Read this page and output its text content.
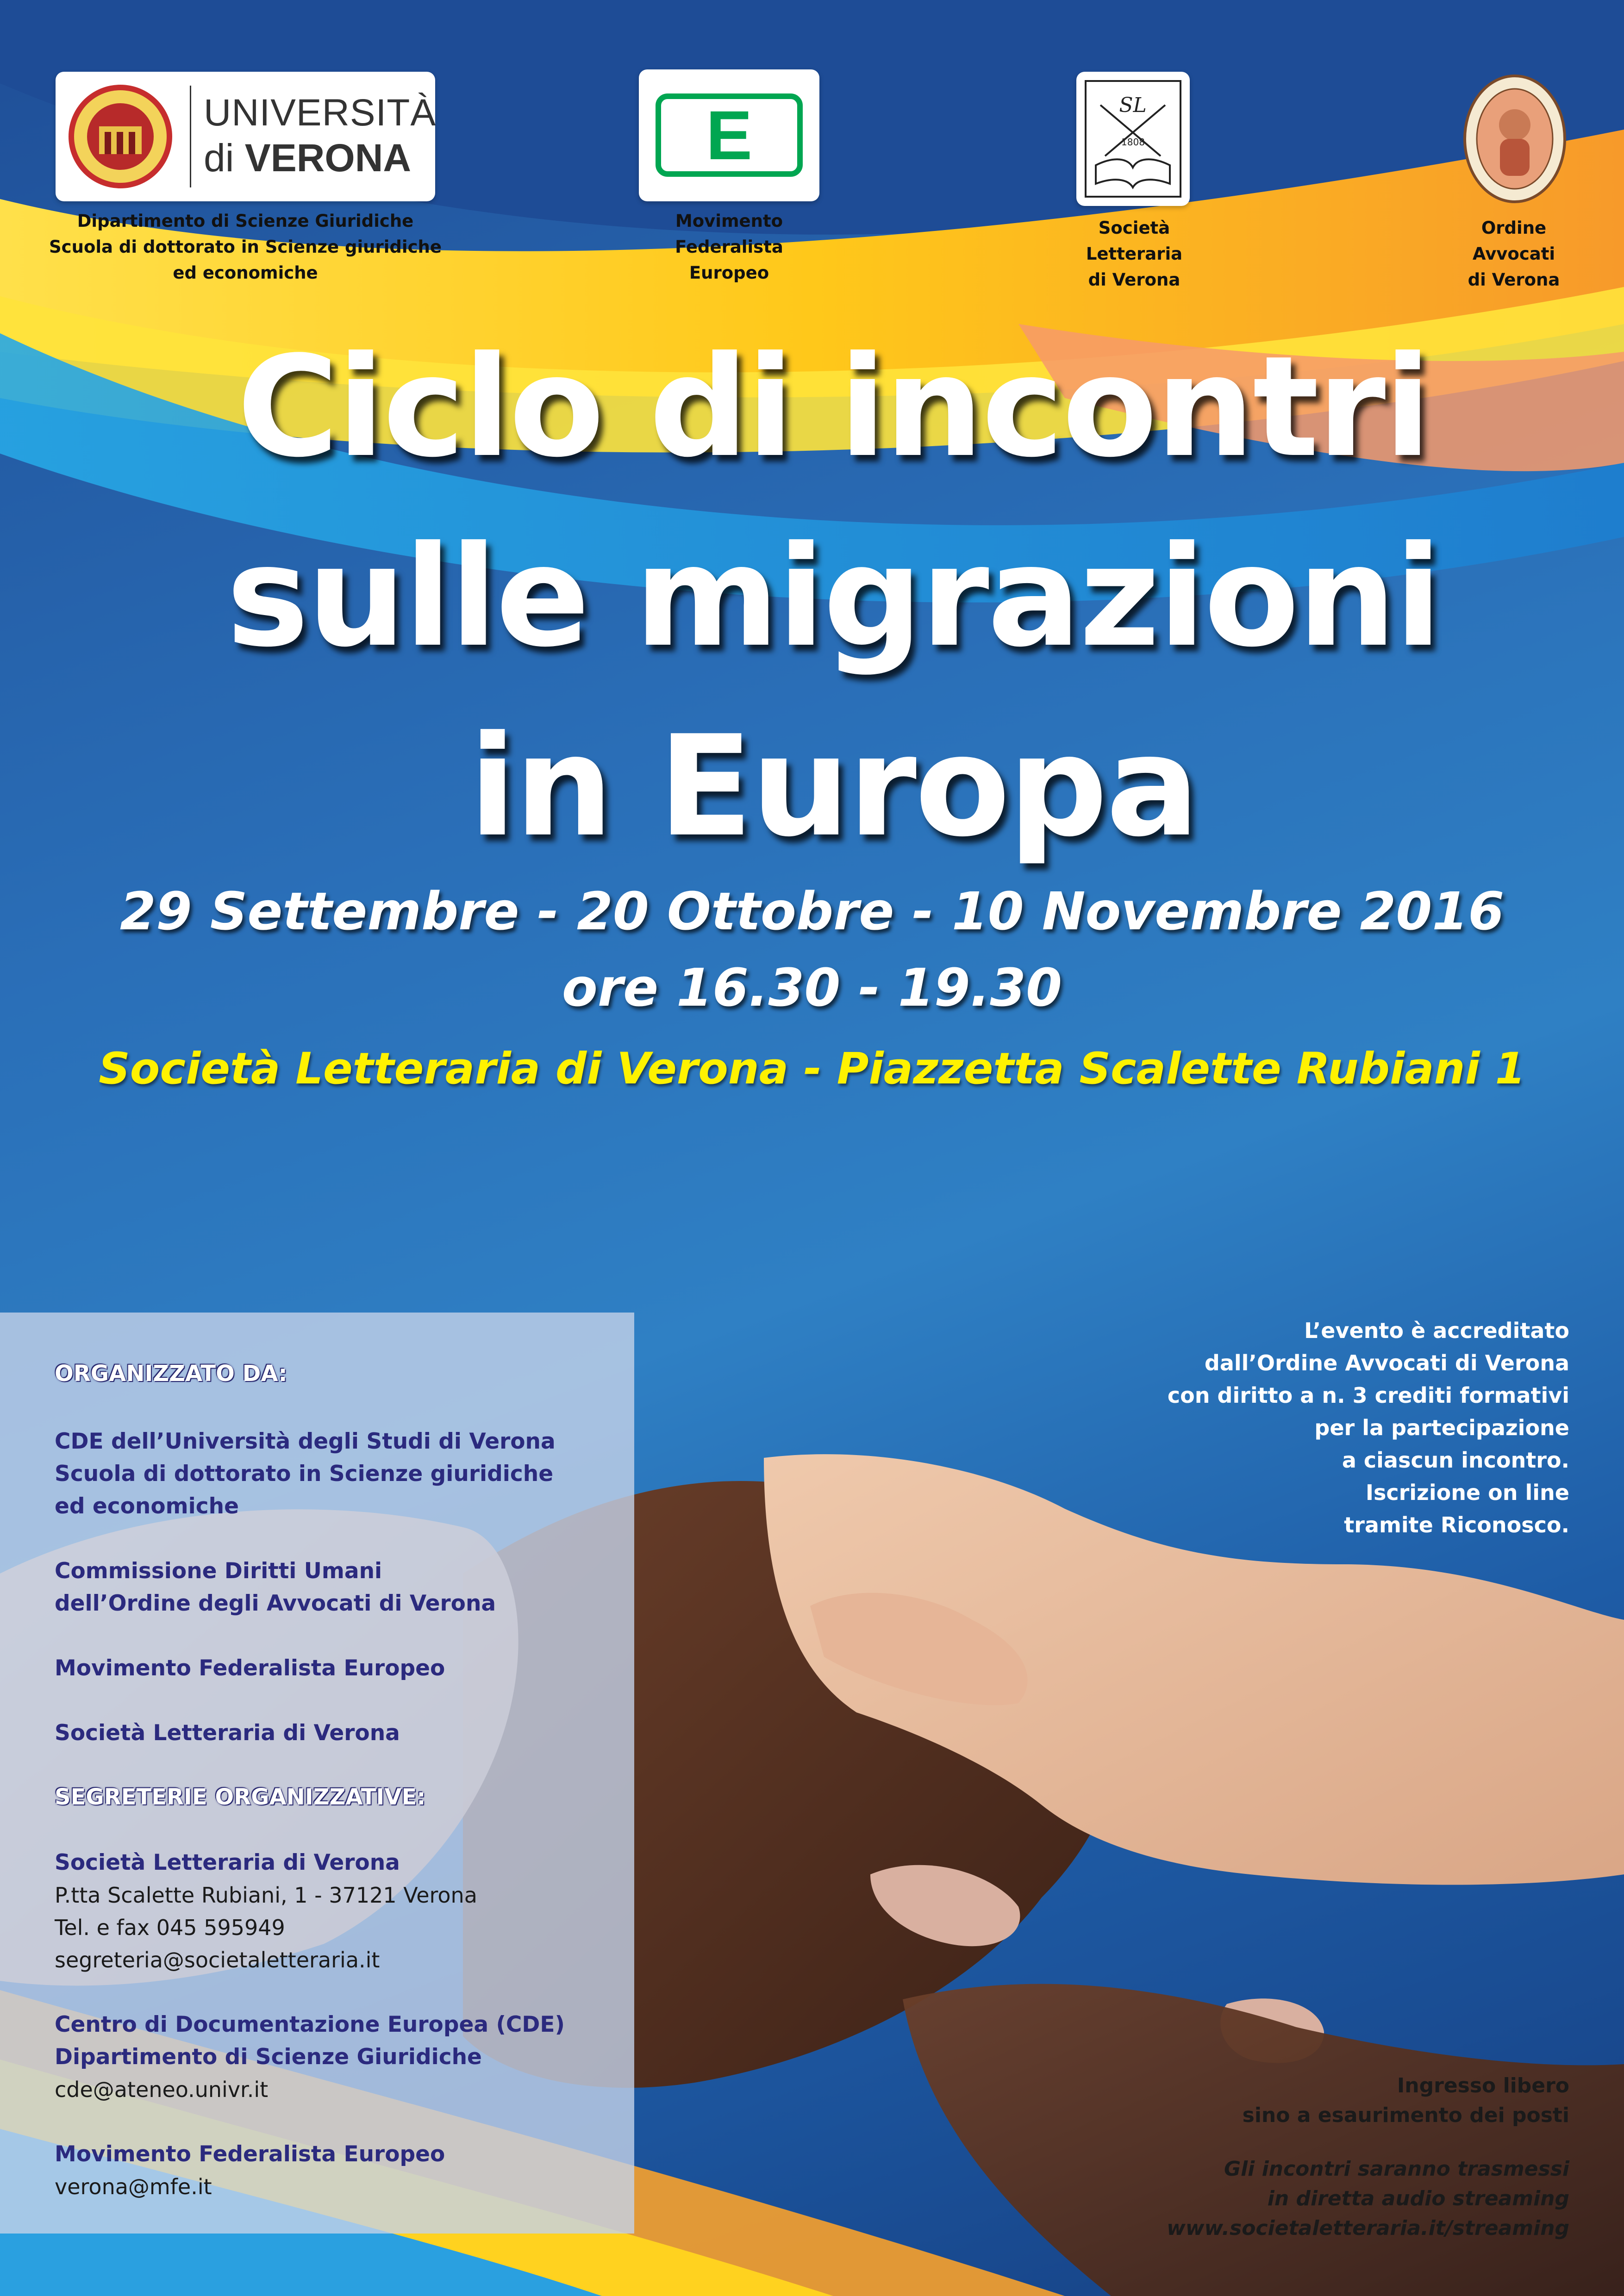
UNIVERSITÀ
di VERONA
Dipartimento di Scienze Giuridiche
Scuola di dottorato in Scienze giuridiche
ed economiche
E
Movimento
Federalista
Europeo
SL
1808
Società
Letteraria
di Verona
Ordine
Avvocati
di Verona
Ciclo di incontri
sulle migrazioni
in Europa
29 Settembre - 20 Ottobre - 10 Novembre 2016
ore 16.30 - 19.30
Società Letteraria di Verona - Piazzetta Scalette Rubiani 1
ORGANIZZATO DA:
CDE dell’Università degli Studi di Verona
Scuola di dottorato in Scienze giuridiche
ed economiche
Commissione Diritti Umani
dell’Ordine degli Avvocati di Verona
Movimento Federalista Europeo
Società Letteraria di Verona
SEGRETERIE ORGANIZZATIVE:
Società Letteraria di Verona
P.tta Scalette Rubiani, 1 - 37121 Verona
Tel. e fax 045 595949
segreteria@societaletteraria.it
Centro di Documentazione Europea (CDE)
Dipartimento di Scienze Giuridiche
cde@ateneo.univr.it
Movimento Federalista Europeo
verona@mfe.it
L’evento è accreditato
dall’Ordine Avvocati di Verona
con diritto a n. 3 crediti formativi
per la partecipazione
a ciascun incontro.
Iscrizione on line
tramite Riconosco.
Ingresso libero
sino a esaurimento dei posti
Gli incontri saranno trasmessi
in diretta audio streaming
www.societaletteraria.it/streaming
